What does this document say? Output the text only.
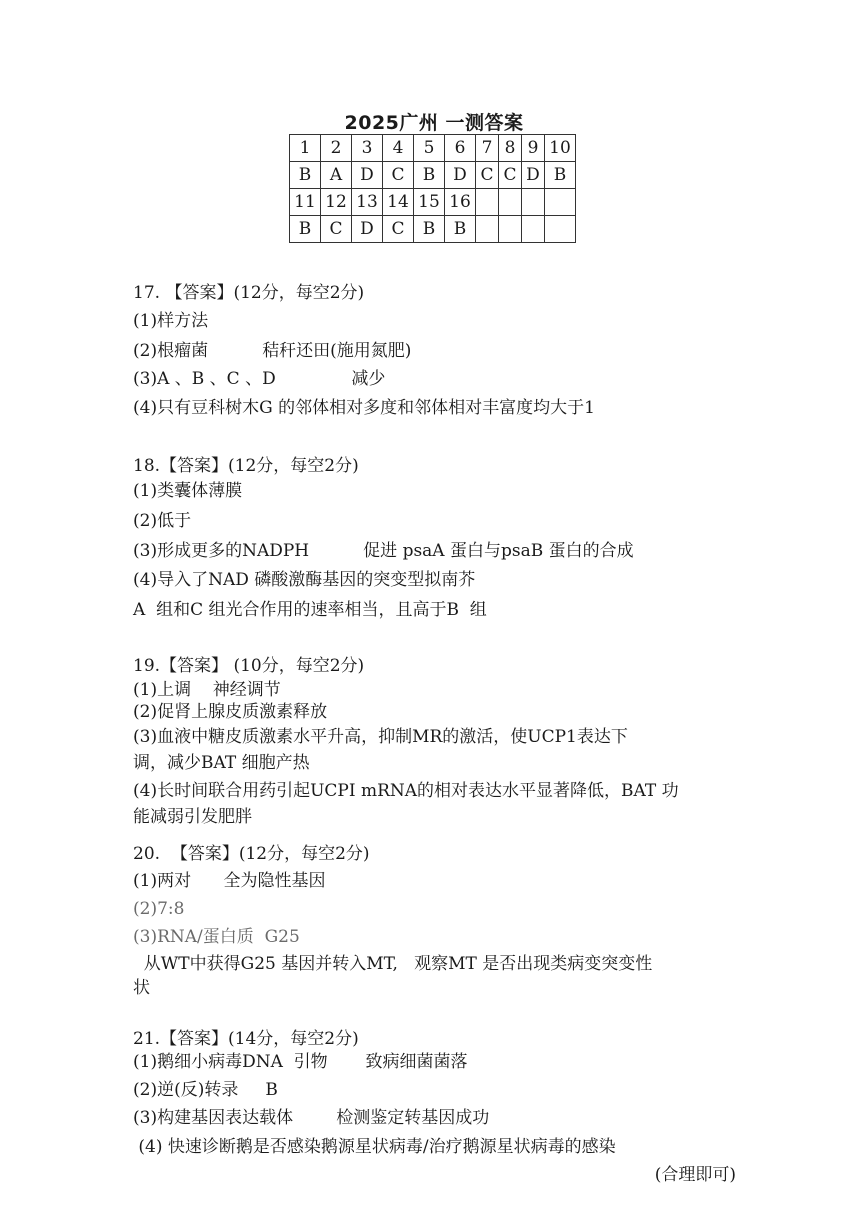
2025广州 一测答案
1	2	3	4	5	6	7	8	9	10
B	A	D	C	B	D	C	C	D	B
11	12	13	14	15	16				
B	C	D	C	B	B				
17. 【答案】(12分，每空2分)
(1)样方法
(2)根瘤菌          秸秆还田(施用氮肥)
(3)A 、B 、C 、D              减少
(4)只有豆科树木G 的邻体相对多度和邻体相对丰富度均大于1
18.【答案】(12分，每空2分)
(1)类囊体薄膜
(2)低于
(3)形成更多的NADPH          促进 psaA 蛋白与psaB 蛋白的合成
(4)导入了NAD 磷酸激酶基因的突变型拟南芥
A  组和C 组光合作用的速率相当，且高于B  组
19.【答案】 (10分，每空2分)
(1)上调    神经调节
(2)促肾上腺皮质激素释放
(3)血液中糖皮质激素水平升高，抑制MR的激活，使UCP1表达下
调，减少BAT 细胞产热
(4)长时间联合用药引起UCPI mRNA的相对表达水平显著降低，BAT 功
能减弱引发肥胖
20.  【答案】(12分，每空2分)
(1)两对      全为隐性基因
(2)7:8
(3)RNA/蛋白质  G25
从WT中获得G25 基因并转入MT,   观察MT 是否出现类病变突变性
状
21.【答案】(14分，每空2分)
(1)鹅细小病毒DNA  引物       致病细菌菌落
(2)逆(反)转录     B
(3)构建基因表达载体        检测鉴定转基因成功
(4) 快速诊断鹅是否感染鹅源星状病毒/治疗鹅源星状病毒的感染
(合理即可)
